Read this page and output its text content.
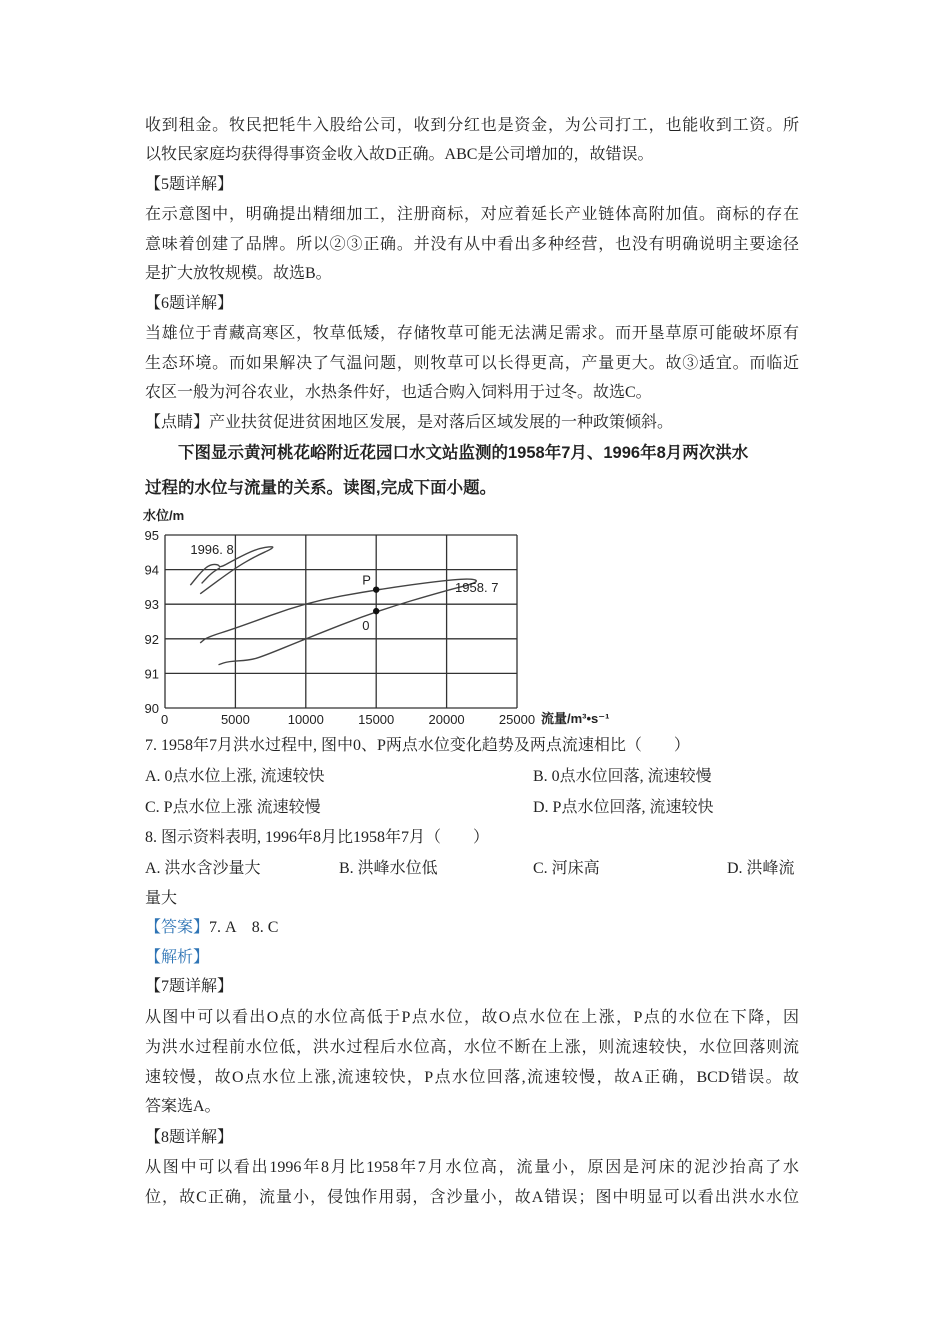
收到租金。牧民把牦牛入股给公司，收到分红也是资金，为公司打工，也能收到工资。所
以牧民家庭均获得得事资金收入故D正确。ABC是公司增加的，故错误。
【5题详解】
在示意图中，明确提出精细加工，注册商标，对应着延长产业链体高附加值。商标的存在
意味着创建了品牌。所以②③正确。并没有从中看出多种经营，也没有明确说明主要途径
是扩大放牧规模。故选B。
【6题详解】
当雄位于青藏高寒区，牧草低矮，存储牧草可能无法满足需求。而开垦草原可能破坏原有
生态环境。而如果解决了气温问题，则牧草可以长得更高，产量更大。故③适宜。而临近
农区一般为河谷农业，水热条件好，也适合购入饲料用于过冬。故选C。
【点睛】产业扶贫促进贫困地区发展，是对落后区域发展的一种政策倾斜。
下图显示黄河桃花峪附近花园口水文站监测的1958年7月、1996年8月两次洪水
过程的水位与流量的关系。读图,完成下面小题。
水位/m
0	5000	10000	15000	20000	25000
90
91
92
93
94
95
1996. 8
1958. 7
P
0
流量/m³•s⁻¹
7. 1958年7月洪水过程中, 图中0、P两点水位变化趋势及两点流速相比（　　）
A. 0点水位上涨, 流速较快	B. 0点水位回落, 流速较慢
C. P点水位上涨 流速较慢	D. P点水位回落, 流速较快
8. 图示资料表明, 1996年8月比1958年7月（　　）
A. 洪水含沙量大	B. 洪峰水位低	C. 河床高	D. 洪峰流
量大
【答案】7. A　8. C
【解析】
【7题详解】
从图中可以看出O点的水位高低于P点水位，故O点水位在上涨，P点的水位在下降，因
为洪水过程前水位低，洪水过程后水位高，水位不断在上涨，则流速较快，水位回落则流
速较慢，故O点水位上涨,流速较快，P点水位回落,流速较慢，故A正确，BCD错误。故
答案选A。
【8题详解】
从图中可以看出1996年8月比1958年7月水位高，流量小，原因是河床的泥沙抬高了水
位，故C正确，流量小，侵蚀作用弱，含沙量小，故A错误；图中明显可以看出洪水水位
